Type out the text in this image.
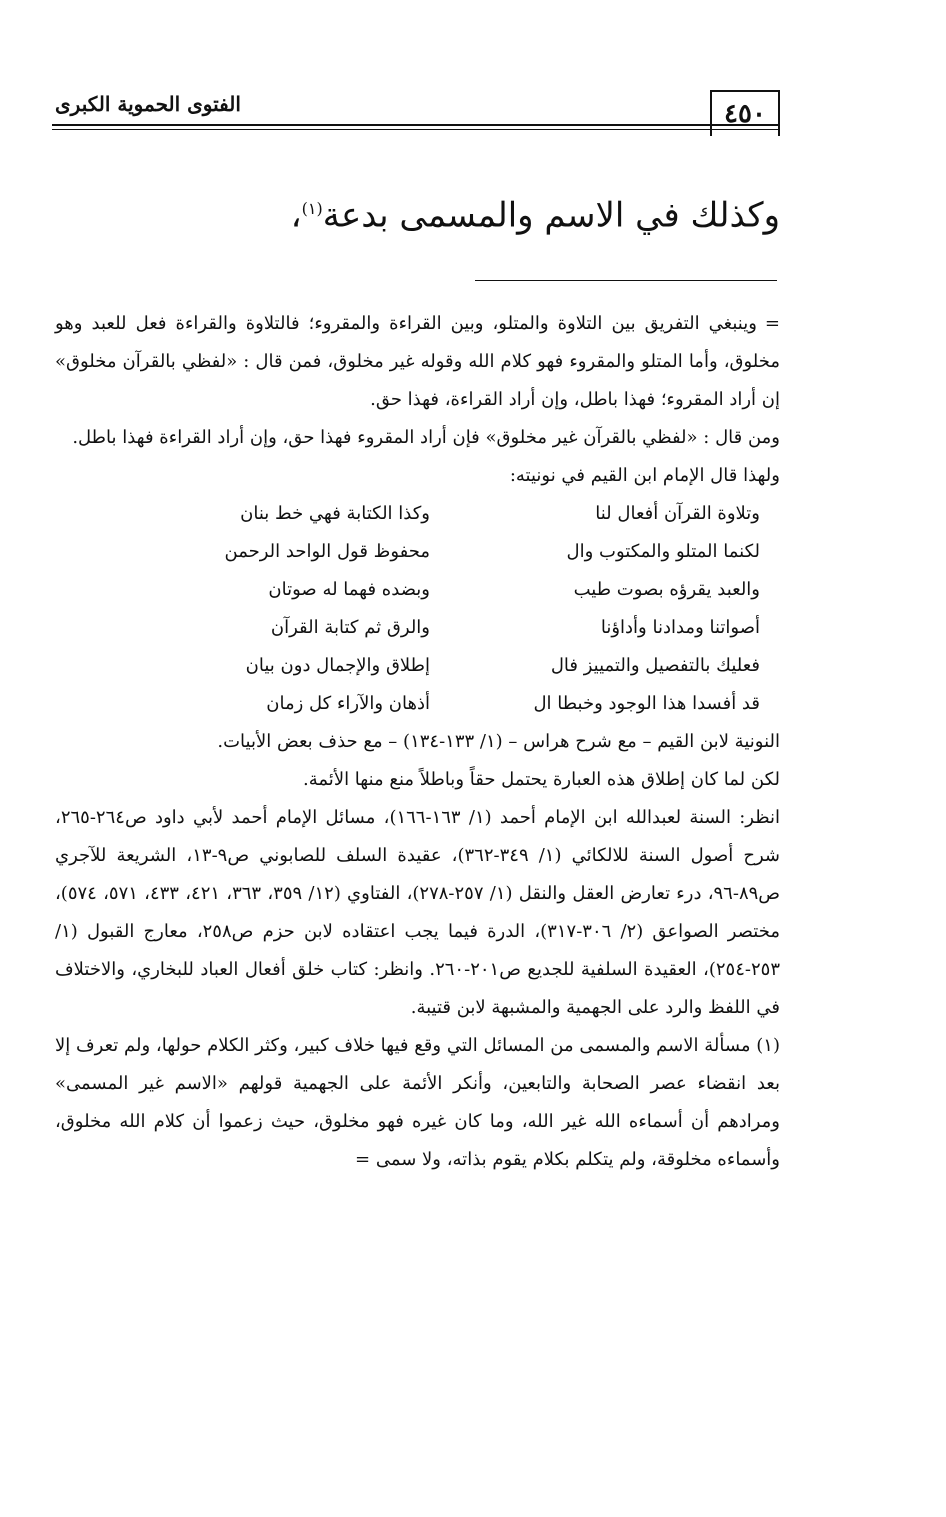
٤٥٠
الفتوى الحموية الكبرى
وكذلك في الاسم والمسمى بدعة$^{(١)}$،

=وينبغي التفريق بين التلاوة والمتلو، وبين القراءة والمقروء؛ فالتلاوة والقراءة فعل للعبد وهو مخلوق، وأما المتلو والمقروء فهو كلام الله وقوله غير مخلوق، فمن قال : «لفظي بالقرآن مخلوق» إن أراد المقروء؛ فهذا باطل، وإن أراد القراءة، فهذا حق.

ومن قال : «لفظي بالقرآن غير مخلوق» فإن أراد المقروء فهذا حق، وإن أراد القراءة فهذا باطل.

ولهذا قال الإمام ابن القيم في نونيته:

وتلاوة القرآن أفعال لنا
وكذا الكتابة فهي خط بنان
لكنما المتلو والمكتوب وال
محفوظ قول الواحد الرحمن
والعبد يقرؤه بصوت طيب
وبضده فهما له صوتان
أصواتنا ومدادنا وأداؤنا
والرق ثم كتابة القرآن
فعليك بالتفصيل والتمييز فال
إطلاق والإجمال دون بيان
قد أفسدا هذا الوجود وخبطا ال
أذهان والآراء كل زمان

النونية لابن القيم – مع شرح هراس – (١/ ١٣٣-١٣٤) – مع حذف بعض الأبيات.

لكن لما كان إطلاق هذه العبارة يحتمل حقاً وباطلاً منع منها الأئمة.

انظر: السنة لعبدالله ابن الإمام أحمد (١/ ١٦٣-١٦٦)، مسائل الإمام أحمد لأبي داود ص٢٦٤-٢٦٥، شرح أصول السنة للالكائي (١/ ٣٤٩-٣٦٢)، عقيدة السلف للصابوني ص٩-١٣، الشريعة للآجري ص٨٩-٩٦، درء تعارض العقل والنقل (١/ ٢٥٧-٢٧٨)، الفتاوي (١٢/ ٣٥٩، ٣٦٣، ٤٢١، ٤٣٣، ٥٧١، ٥٧٤)، مختصر الصواعق (٢/ ٣٠٦-٣١٧)، الدرة فيما يجب اعتقاده لابن حزم ص٢٥٨، معارج القبول (١/ ٢٥٣-٢٥٤)، العقيدة السلفية للجديع ص٢٠١-٢٦٠. وانظر: كتاب خلق أفعال العباد للبخاري، والاختلاف في اللفظ والرد على الجهمية والمشبهة لابن قتيبة.

(١) مسألة الاسم والمسمى من المسائل التي وقع فيها خلاف كبير، وكثر الكلام حولها، ولم تعرف إلا بعد انقضاء عصر الصحابة والتابعين، وأنكر الأئمة على الجهمية قولهم «الاسم غير المسمى» ومرادهم أن أسماءه الله غير الله، وما كان غيره فهو مخلوق، حيث زعموا أن كلام الله مخلوق، وأسماءه مخلوقة، ولم يتكلم بكلام يقوم بذاته، ولا سمى =
